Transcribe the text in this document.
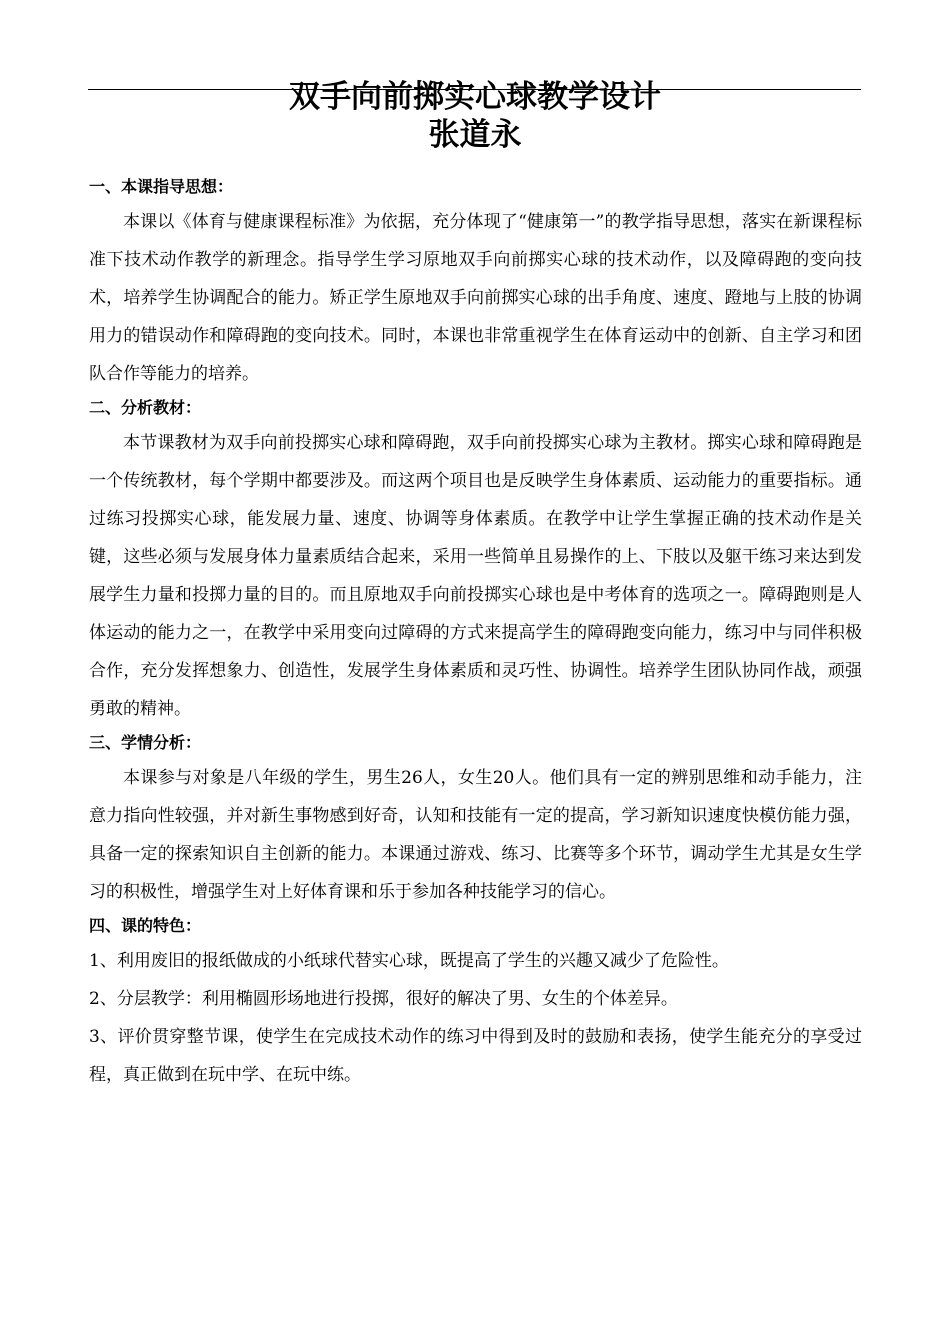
双手向前掷实心球教学设计
张道永

一、本课指导思想：

本课以《体育与健康课程标准》为依据，充分体现了“健康第一”的教学指导思想，落实在新课程标准下技术动作教学的新理念。指导学生学习原地双手向前掷实心球的技术动作，以及障碍跑的变向技术，培养学生协调配合的能力。矫正学生原地双手向前掷实心球的出手角度、速度、蹬地与上肢的协调用力的错误动作和障碍跑的变向技术。同时，本课也非常重视学生在体育运动中的创新、自主学习和团队合作等能力的培养。

二、分析教材：

本节课教材为双手向前投掷实心球和障碍跑，双手向前投掷实心球为主教材。掷实心球和障碍跑是一个传统教材，每个学期中都要涉及。而这两个项目也是反映学生身体素质、运动能力的重要指标。通过练习投掷实心球，能发展力量、速度、协调等身体素质。在教学中让学生掌握正确的技术动作是关键，这些必须与发展身体力量素质结合起来，采用一些简单且易操作的上、下肢以及躯干练习来达到发展学生力量和投掷力量的目的。而且原地双手向前投掷实心球也是中考体育的选项之一。障碍跑则是人体运动的能力之一，在教学中采用变向过障碍的方式来提高学生的障碍跑变向能力，练习中与同伴积极合作，充分发挥想象力、创造性，发展学生身体素质和灵巧性、协调性。培养学生团队协同作战，顽强勇敢的精神。

三、学情分析：

本课参与对象是八年级的学生，男生26人，女生20人。他们具有一定的辨别思维和动手能力，注意力指向性较强，并对新生事物感到好奇，认知和技能有一定的提高，学习新知识速度快模仿能力强，具备一定的探索知识自主创新的能力。本课通过游戏、练习、比赛等多个环节，调动学生尤其是女生学习的积极性，增强学生对上好体育课和乐于参加各种技能学习的信心。

四、课的特色：

1、利用废旧的报纸做成的小纸球代替实心球，既提高了学生的兴趣又减少了危险性。

2、分层教学：利用椭圆形场地进行投掷，很好的解决了男、女生的个体差异。

3、评价贯穿整节课，使学生在完成技术动作的练习中得到及时的鼓励和表扬，使学生能充分的享受过程，真正做到在玩中学、在玩中练。
